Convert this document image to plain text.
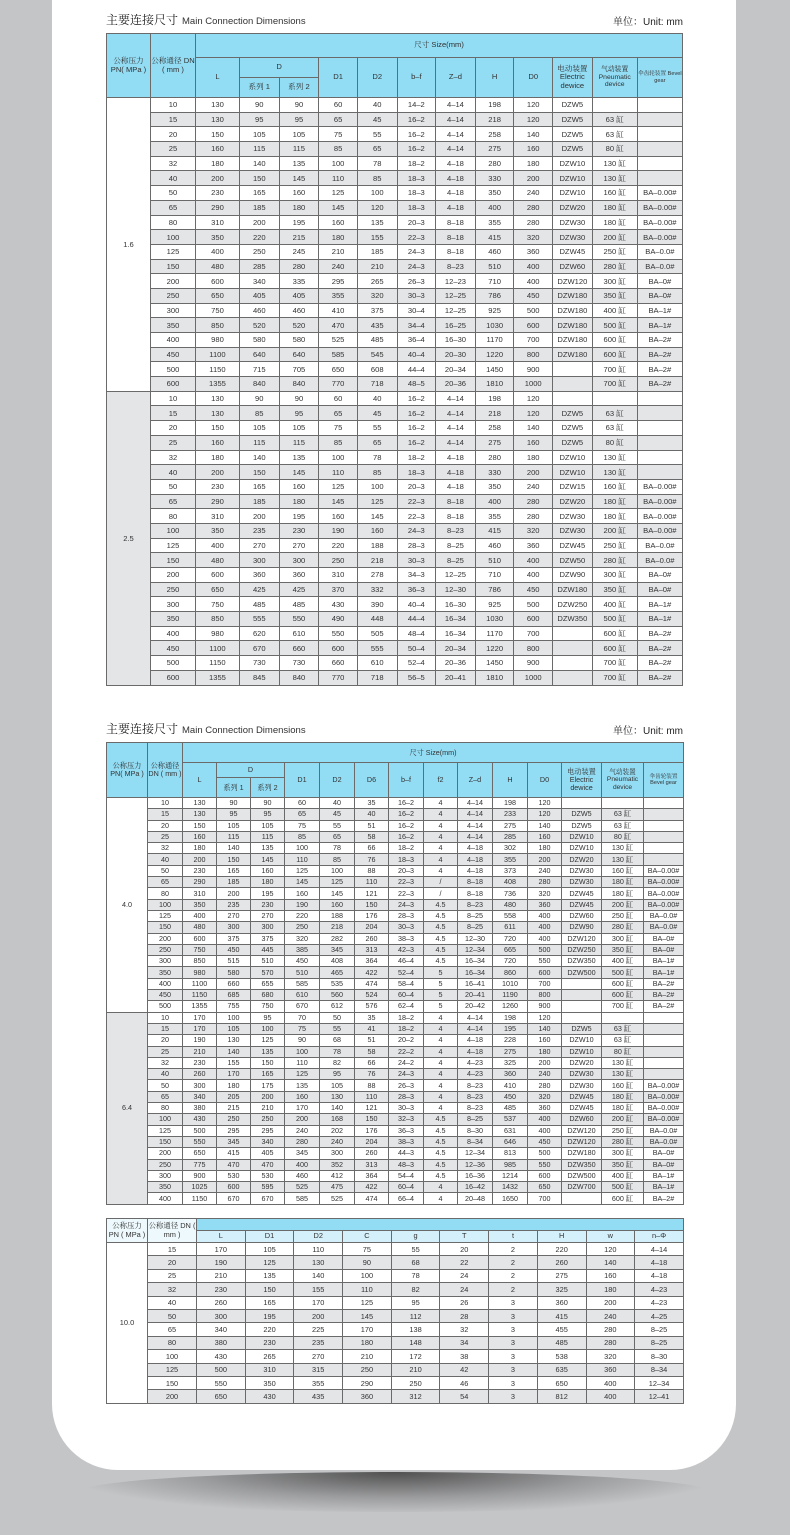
主要连接尺寸 Main Connection Dimensions	单位：Unit: mm
公称压力 PN( MPa )	公称通径 DN ( mm )	尺寸 Size(mm)											
		L	D		D1	D2	b–f	Z–d	H	D0	电动装置 Electric dewice	气动装置 Pneumatic device	伞齿轮装置 Bevel gear
			系列 1	系列 2									
1.6	10	130	90	90	60	40	14–2	4–14	198	120	DZW5		
	15	130	95	95	65	45	16–2	4–14	218	120	DZW5	63 缸	
	20	150	105	105	75	55	16–2	4–14	258	140	DZW5	63 缸	
	25	160	115	115	85	65	16–2	4–14	275	160	DZW5	80 缸	
	32	180	140	135	100	78	18–2	4–18	280	180	DZW10	130 缸	
	40	200	150	145	110	85	18–3	4–18	330	200	DZW10	130 缸	
	50	230	165	160	125	100	18–3	4–18	350	240	DZW10	160 缸	BA–0.00#
	65	290	185	180	145	120	18–3	4–18	400	280	DZW20	180 缸	BA–0.00#
	80	310	200	195	160	135	20–3	8–18	355	280	DZW30	180 缸	BA–0.00#
	100	350	220	215	180	155	22–3	8–18	415	320	DZW30	200 缸	BA–0.00#
	125	400	250	245	210	185	24–3	8–18	460	360	DZW45	250 缸	BA–0.0#
	150	480	285	280	240	210	24–3	8–23	510	400	DZW60	280 缸	BA–0.0#
	200	600	340	335	295	265	26–3	12–23	710	400	DZW120	300 缸	BA–0#
	250	650	405	405	355	320	30–3	12–25	786	450	DZW180	350 缸	BA–0#
	300	750	460	460	410	375	30–4	12–25	925	500	DZW180	400 缸	BA–1#
	350	850	520	520	470	435	34–4	16–25	1030	600	DZW180	500 缸	BA–1#
	400	980	580	580	525	485	36–4	16–30	1170	700	DZW180	600 缸	BA–2#
	450	1100	640	640	585	545	40–4	20–30	1220	800	DZW180	600 缸	BA–2#
	500	1150	715	705	650	608	44–4	20–34	1450	900		700 缸	BA–2#
	600	1355	840	840	770	718	48–5	20–36	1810	1000		700 缸	BA–2#
2.5	10	130	90	90	60	40	16–2	4–14	198	120			
	15	130	85	95	65	45	16–2	4–14	218	120	DZW5	63 缸	
	20	150	105	105	75	55	16–2	4–14	258	140	DZW5	63 缸	
	25	160	115	115	85	65	16–2	4–14	275	160	DZW5	80 缸	
	32	180	140	135	100	78	18–2	4–18	280	180	DZW10	130 缸	
	40	200	150	145	110	85	18–3	4–18	330	200	DZW10	130 缸	
	50	230	165	160	125	100	20–3	4–18	350	240	DZW15	160 缸	BA–0.00#
	65	290	185	180	145	125	22–3	8–18	400	280	DZW20	180 缸	BA–0.00#
	80	310	200	195	160	145	22–3	8–18	355	280	DZW30	180 缸	BA–0.00#
	100	350	235	230	190	160	24–3	8–23	415	320	DZW30	200 缸	BA–0.00#
	125	400	270	270	220	188	28–3	8–25	460	360	DZW45	250 缸	BA–0.0#
	150	480	300	300	250	218	30–3	8–25	510	400	DZW50	280 缸	BA–0.0#
	200	600	360	360	310	278	34–3	12–25	710	400	DZW90	300 缸	BA–0#
	250	650	425	425	370	332	36–3	12–30	786	450	DZW180	350 缸	BA–0#
	300	750	485	485	430	390	40–4	16–30	925	500	DZW250	400 缸	BA–1#
	350	850	555	550	490	448	44–4	16–34	1030	600	DZW350	500 缸	BA–1#
	400	980	620	610	550	505	48–4	16–34	1170	700		600 缸	BA–2#
	450	1100	670	660	600	555	50–4	20–34	1220	800		600 缸	BA–2#
	500	1150	730	730	660	610	52–4	20–36	1450	900		700 缸	BA–2#
	600	1355	845	840	770	718	56–5	20–41	1810	1000		700 缸	BA–2#
主要连接尺寸 Main Connection Dimensions	单位：Unit: mm
公称压力 PN( MPa )	公称通径 DN ( mm )	尺寸 Size(mm)													
		L	D		D1	D2	D6	b–f	f2	Z–d	H	D0	电动装置 Electric dewice	气动装置 Pneumatic device	伞齿轮装置 Bevel gear
			系列 1	系列 2											
4.0	10	130	90	90	60	40	35	16–2	4	4–14	198	120			
	15	130	95	95	65	45	40	16–2	4	4–14	233	120	DZW5	63 缸	
	20	150	105	105	75	55	51	16–2	4	4–14	275	140	DZW5	63 缸	
	25	160	115	115	85	65	58	16–2	4	4–14	285	160	DZW10	80 缸	
	32	180	140	135	100	78	66	18–2	4	4–18	302	180	DZW10	130 缸	
	40	200	150	145	110	85	76	18–3	4	4–18	355	200	DZW20	130 缸	
	50	230	165	160	125	100	88	20–3	4	4–18	373	240	DZW30	160 缸	BA–0.00#
	65	290	185	180	145	125	110	22–3	/	8–18	408	280	DZW30	180 缸	BA–0.00#
	80	310	200	195	160	145	121	22–3	/	8–18	736	320	DZW45	180 缸	BA–0.00#
	100	350	235	230	190	160	150	24–3	4.5	8–23	480	360	DZW45	200 缸	BA–0.00#
	125	400	270	270	220	188	176	28–3	4.5	8–25	558	400	DZW60	250 缸	BA–0.0#
	150	480	300	300	250	218	204	30–3	4.5	8–25	611	400	DZW90	280 缸	BA–0.0#
	200	600	375	375	320	282	260	38–3	4.5	12–30	720	400	DZW120	300 缸	BA–0#
	250	750	450	445	385	345	313	42–3	4.5	12–34	665	500	DZW250	350 缸	BA–0#
	300	850	515	510	450	408	364	46–4	4.5	16–34	720	550	DZW350	400 缸	BA–1#
	350	980	580	570	510	465	422	52–4	5	16–34	860	600	DZW500	500 缸	BA–1#
	400	1100	660	655	585	535	474	58–4	5	16–41	1010	700		600 缸	BA–2#
	450	1150	685	680	610	560	524	60–4	5	20–41	1190	800		600 缸	BA–2#
	500	1355	755	750	670	612	576	62–4	5	20–42	1260	900		700 缸	BA–2#
6.4	10	170	100	95	70	50	35	18–2	4	4–14	198	120			
	15	170	105	100	75	55	41	18–2	4	4–14	195	140	DZW5	63 缸	
	20	190	130	125	90	68	51	20–2	4	4–18	228	160	DZW10	63 缸	
	25	210	140	135	100	78	58	22–2	4	4–18	275	180	DZW10	80 缸	
	32	230	155	150	110	82	66	24–2	4	4–23	325	200	DZW20	130 缸	
	40	260	170	165	125	95	76	24–3	4	4–23	360	240	DZW30	130 缸	
	50	300	180	175	135	105	88	26–3	4	8–23	410	280	DZW30	160 缸	BA–0.00#
	65	340	205	200	160	130	110	28–3	4	8–23	450	320	DZW45	180 缸	BA–0.00#
	80	380	215	210	170	140	121	30–3	4	8–23	485	360	DZW45	180 缸	BA–0.00#
	100	430	250	250	200	168	150	32–3	4.5	8–25	537	400	DZW60	200 缸	BA–0.00#
	125	500	295	295	240	202	176	36–3	4.5	8–30	631	400	DZW120	250 缸	BA–0.0#
	150	550	345	340	280	240	204	38–3	4.5	8–34	646	450	DZW120	280 缸	BA–0.0#
	200	650	415	405	345	300	260	44–3	4.5	12–34	813	500	DZW180	300 缸	BA–0#
	250	775	470	470	400	352	313	48–3	4.5	12–36	985	550	DZW350	350 缸	BA–0#
	300	900	530	530	460	412	364	54–4	4.5	16–36	1214	600	DZW500	400 缸	BA–1#
	350	1025	600	595	525	475	422	60–4	4	16–42	1432	650	DZW700	500 缸	BA–1#
	400	1150	670	670	585	525	474	66–4	4	20–48	1650	700		600 缸	BA–2#
公称压力 PN ( MPa )	公称通径 DN ( mm )										
		L	D1	D2	C	g	T	t	H	w	n–Φ
10.0	15	170	105	110	75	55	20	2	220	120	4–14
	20	190	125	130	90	68	22	2	260	140	4–18
	25	210	135	140	100	78	24	2	275	160	4–18
	32	230	150	155	110	82	24	2	325	180	4–23
	40	260	165	170	125	95	26	3	360	200	4–23
	50	300	195	200	145	112	28	3	415	240	4–25
	65	340	220	225	170	138	32	3	455	280	8–25
	80	380	230	235	180	148	34	3	485	280	8–25
	100	430	265	270	210	172	38	3	538	320	8–30
	125	500	310	315	250	210	42	3	635	360	8–34
	150	550	350	355	290	250	46	3	650	400	12–34
	200	650	430	435	360	312	54	3	812	400	12–41
